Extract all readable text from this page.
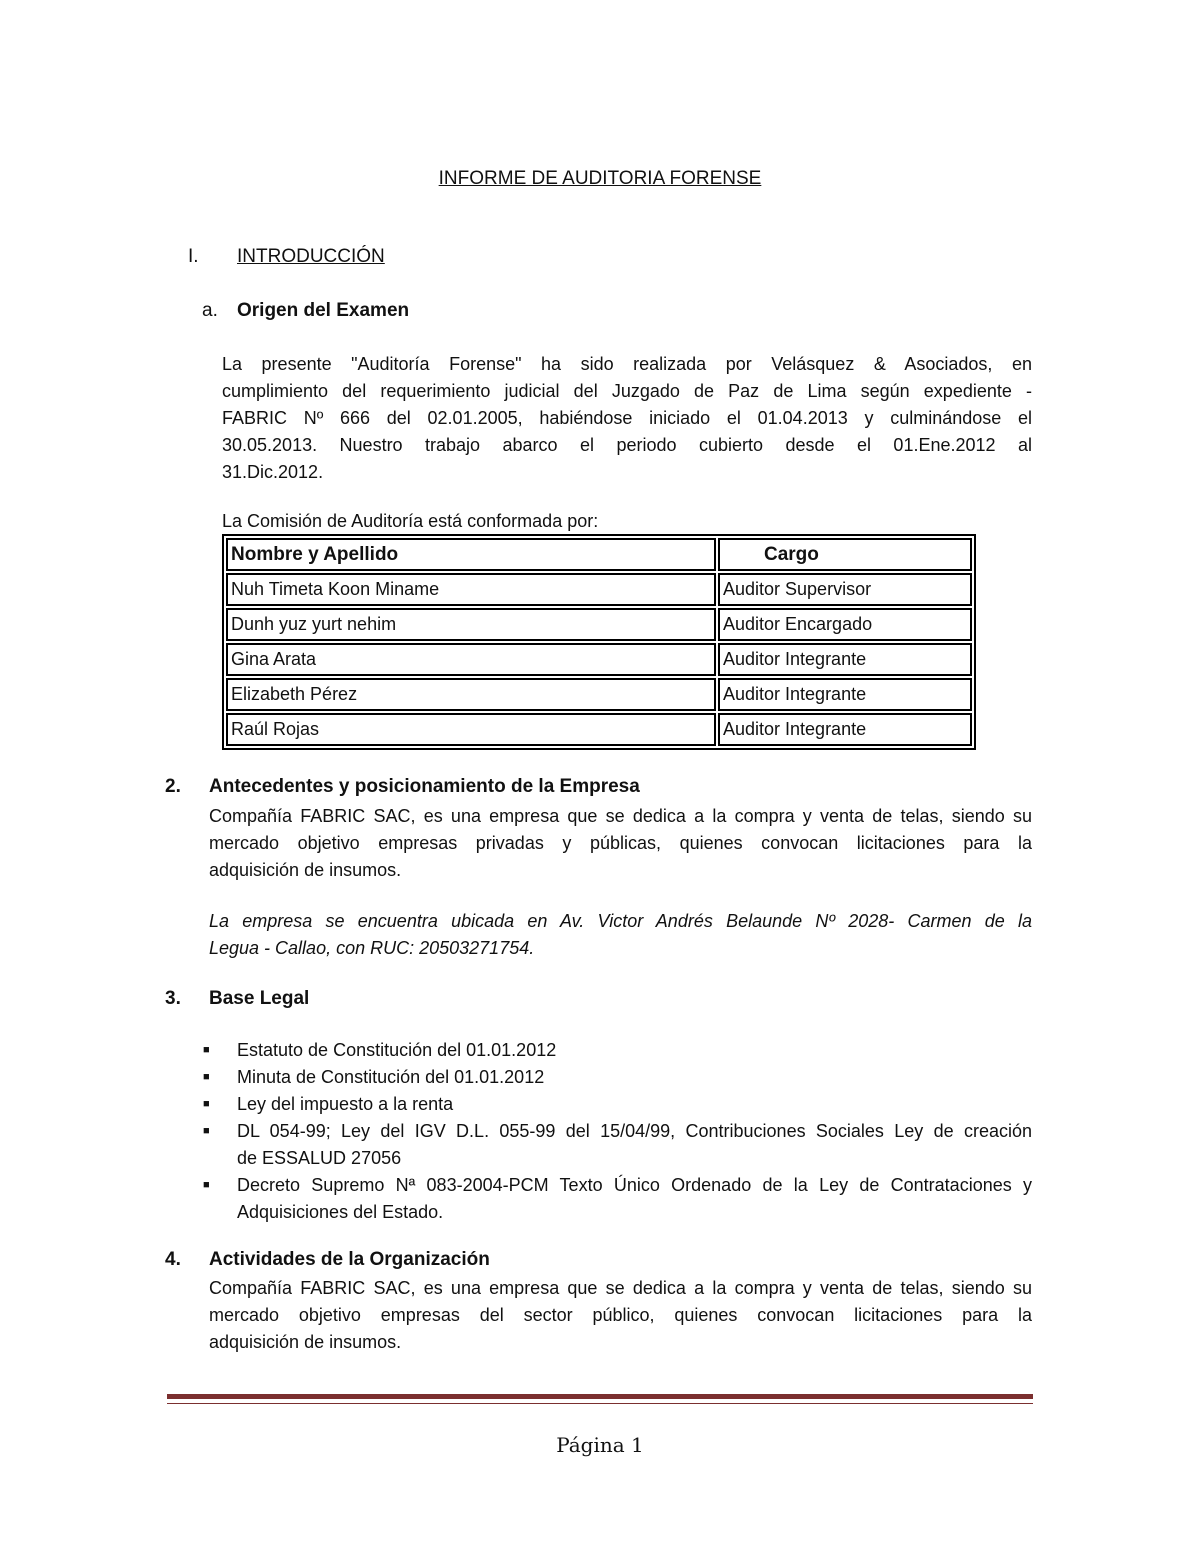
INFORME DE AUDITORIA FORENSE
I. INTRODUCCIÓN
a. Origen del Examen
La presente "Auditoría Forense" ha sido realizada por Velásquez & Asociados, en
cumplimiento del requerimiento judicial del Juzgado de Paz de Lima según expediente -
FABRIC Nº 666 del 02.01.2005, habiéndose iniciado el 01.04.2013 y culminándose el
30.05.2013. Nuestro trabajo abarco el periodo cubierto desde el 01.Ene.2012 al
31.Dic.2012.
La Comisión de Auditoría está conformada por:
Nombre y Apellido	Cargo
Nuh Timeta Koon Miname	Auditor Supervisor
Dunh yuz yurt nehim	Auditor Encargado
Gina Arata	Auditor Integrante
Elizabeth Pérez	Auditor Integrante
Raúl Rojas	Auditor Integrante
2. Antecedentes y posicionamiento de la Empresa
Compañía FABRIC SAC, es una empresa que se dedica a la compra y venta de telas, siendo su
mercado objetivo empresas privadas y públicas, quienes convocan licitaciones para la
adquisición de insumos.
La empresa se encuentra ubicada en Av. Victor Andrés Belaunde Nº 2028- Carmen de la
Legua - Callao, con RUC: 20503271754.
3. Base Legal
■ Estatuto de Constitución del 01.01.2012
■ Minuta de Constitución del 01.01.2012
■ Ley del impuesto a la renta
■ DL 054-99; Ley del IGV D.L. 055-99 del 15/04/99, Contribuciones Sociales Ley de creación
de ESSALUD 27056
■ Decreto Supremo Nª 083-2004-PCM Texto Único Ordenado de la Ley de Contrataciones y
Adquisiciones del Estado.
4. Actividades de la Organización
Compañía FABRIC SAC, es una empresa que se dedica a la compra y venta de telas, siendo su
mercado objetivo empresas del sector público, quienes convocan licitaciones para la
adquisición de insumos.
Página 1
